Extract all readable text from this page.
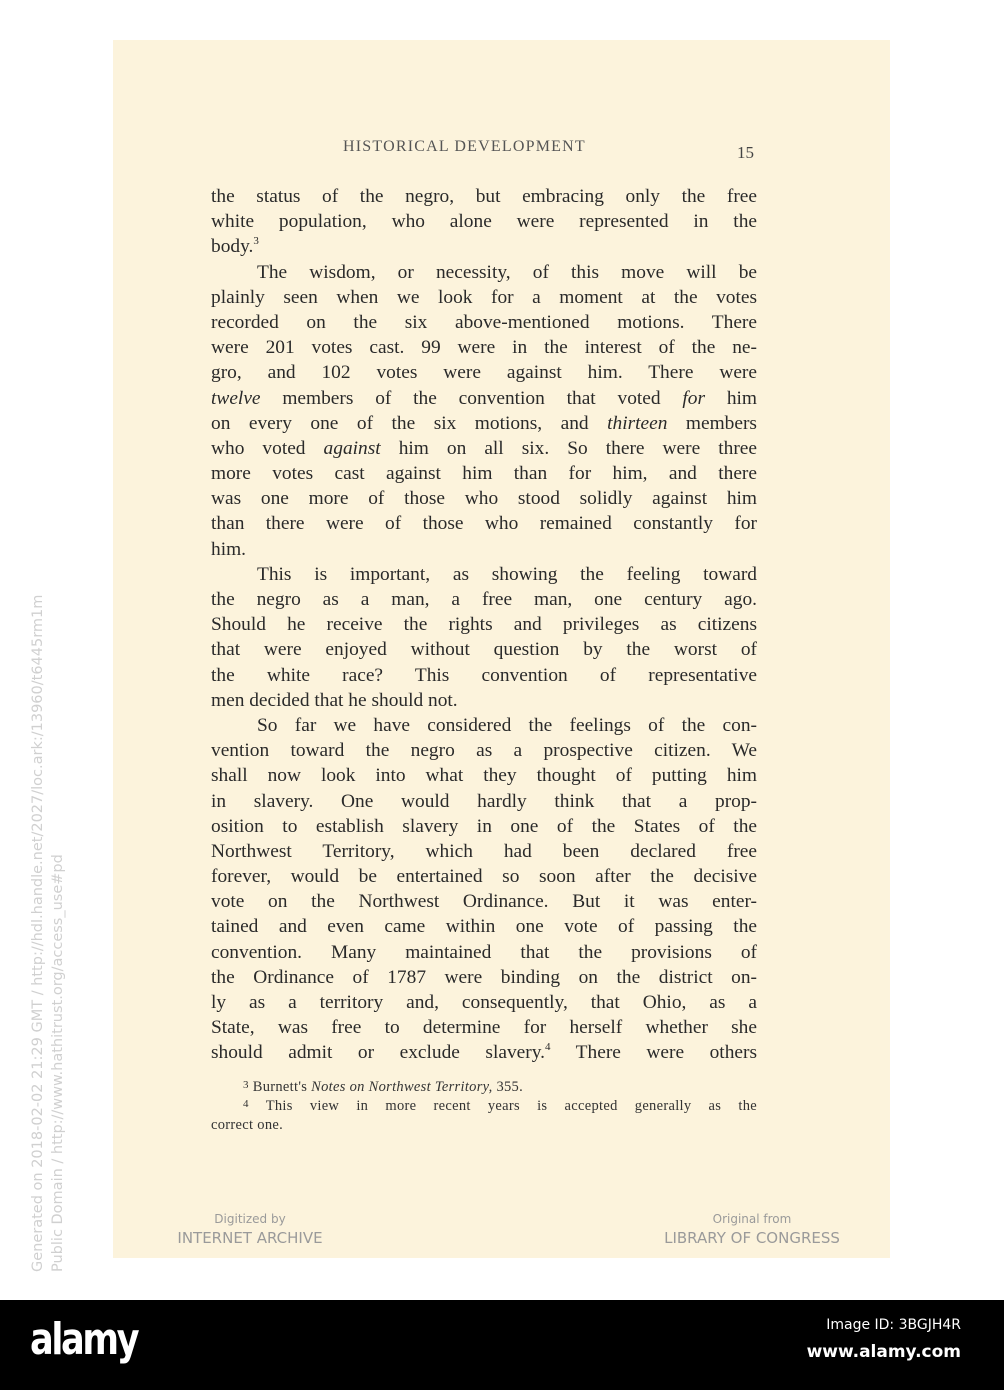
HISTORICAL DEVELOPMENT	15
the status of the negro, but embracing only the free
white population, who alone were represented in the
body.$^3$
The wisdom, or necessity, of this move will be
plainly seen when we look for a moment at the votes
recorded on the six above-mentioned motions. There
were 201 votes cast. 99 were in the interest of the ne-
gro, and 102 votes were against him. There were
twelve members of the convention that voted for him
on every one of the six motions, and thirteen members
who voted against him on all six. So there were three
more votes cast against him than for him, and there
was one more of those who stood solidly against him
than there were of those who remained constantly for
him.
This is important, as showing the feeling toward
the negro as a man, a free man, one century ago.
Should he receive the rights and privileges as citizens
that were enjoyed without question by the worst of
the white race? This convention of representative
men decided that he should not.
So far we have considered the feelings of the con-
vention toward the negro as a prospective citizen. We
shall now look into what they thought of putting him
in slavery. One would hardly think that a prop-
osition to establish slavery in one of the States of the
Northwest Territory, which had been declared free
forever, would be entertained so soon after the decisive
vote on the Northwest Ordinance. But it was enter-
tained and even came within one vote of passing the
convention. Many maintained that the provisions of
the Ordinance of 1787 were binding on the district on-
ly as a territory and, consequently, that Ohio, as a
State, was free to determine for herself whether she
should admit or exclude slavery.$^4$ There were others
$^3$ Burnett's Notes on Northwest Territory, 355.
$^4$ This view in more recent years is accepted generally as the
correct one.
Digitized by
INTERNET ARCHIVE
Original from
LIBRARY OF CONGRESS
Generated on 2018-02-02 21:29 GMT / http://hdl.handle.net/2027/loc.ark:/13960/t6445rm1m Public Domain / http://www.hathitrust.org/access_use#pd
alamy	Image ID: 3BGJH4R
www.alamy.com
